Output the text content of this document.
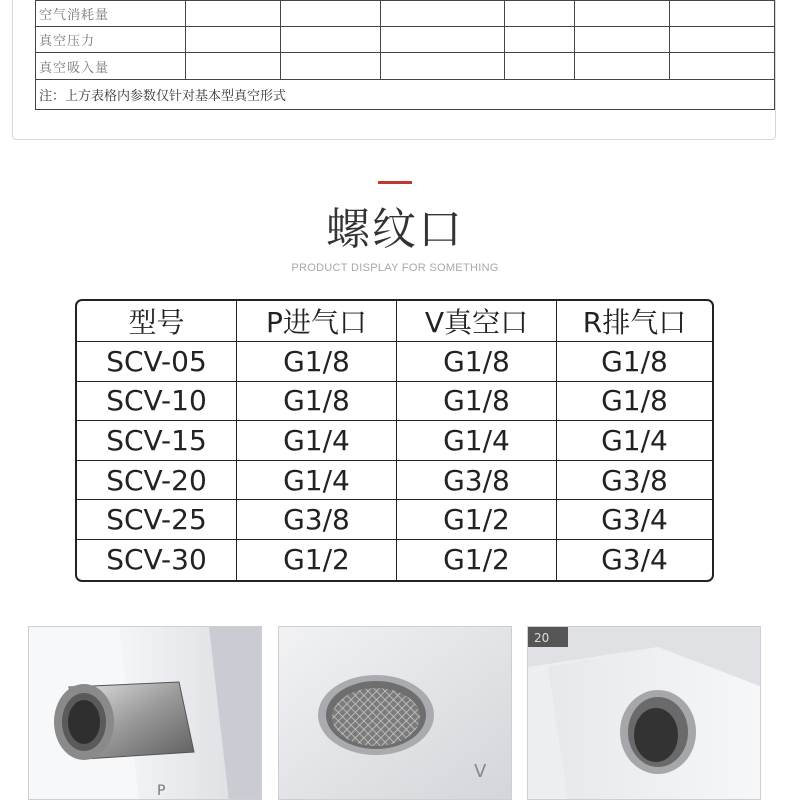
空气消耗量						
真空压力						
真空吸入量						
注：上方表格内参数仅针对基本型真空形式						
螺纹口
PRODUCT DISPLAY FOR SOMETHING
型号	P进气口	V真空口	R排气口
SCV-05	G1/8	G1/8	G1/8
SCV-10	G1/8	G1/8	G1/8
SCV-15	G1/4	G1/4	G1/4
SCV-20	G1/4	G3/8	G3/8
SCV-25	G3/8	G1/2	G3/4
SCV-30	G1/2	G1/2	G3/4
P
V
20
